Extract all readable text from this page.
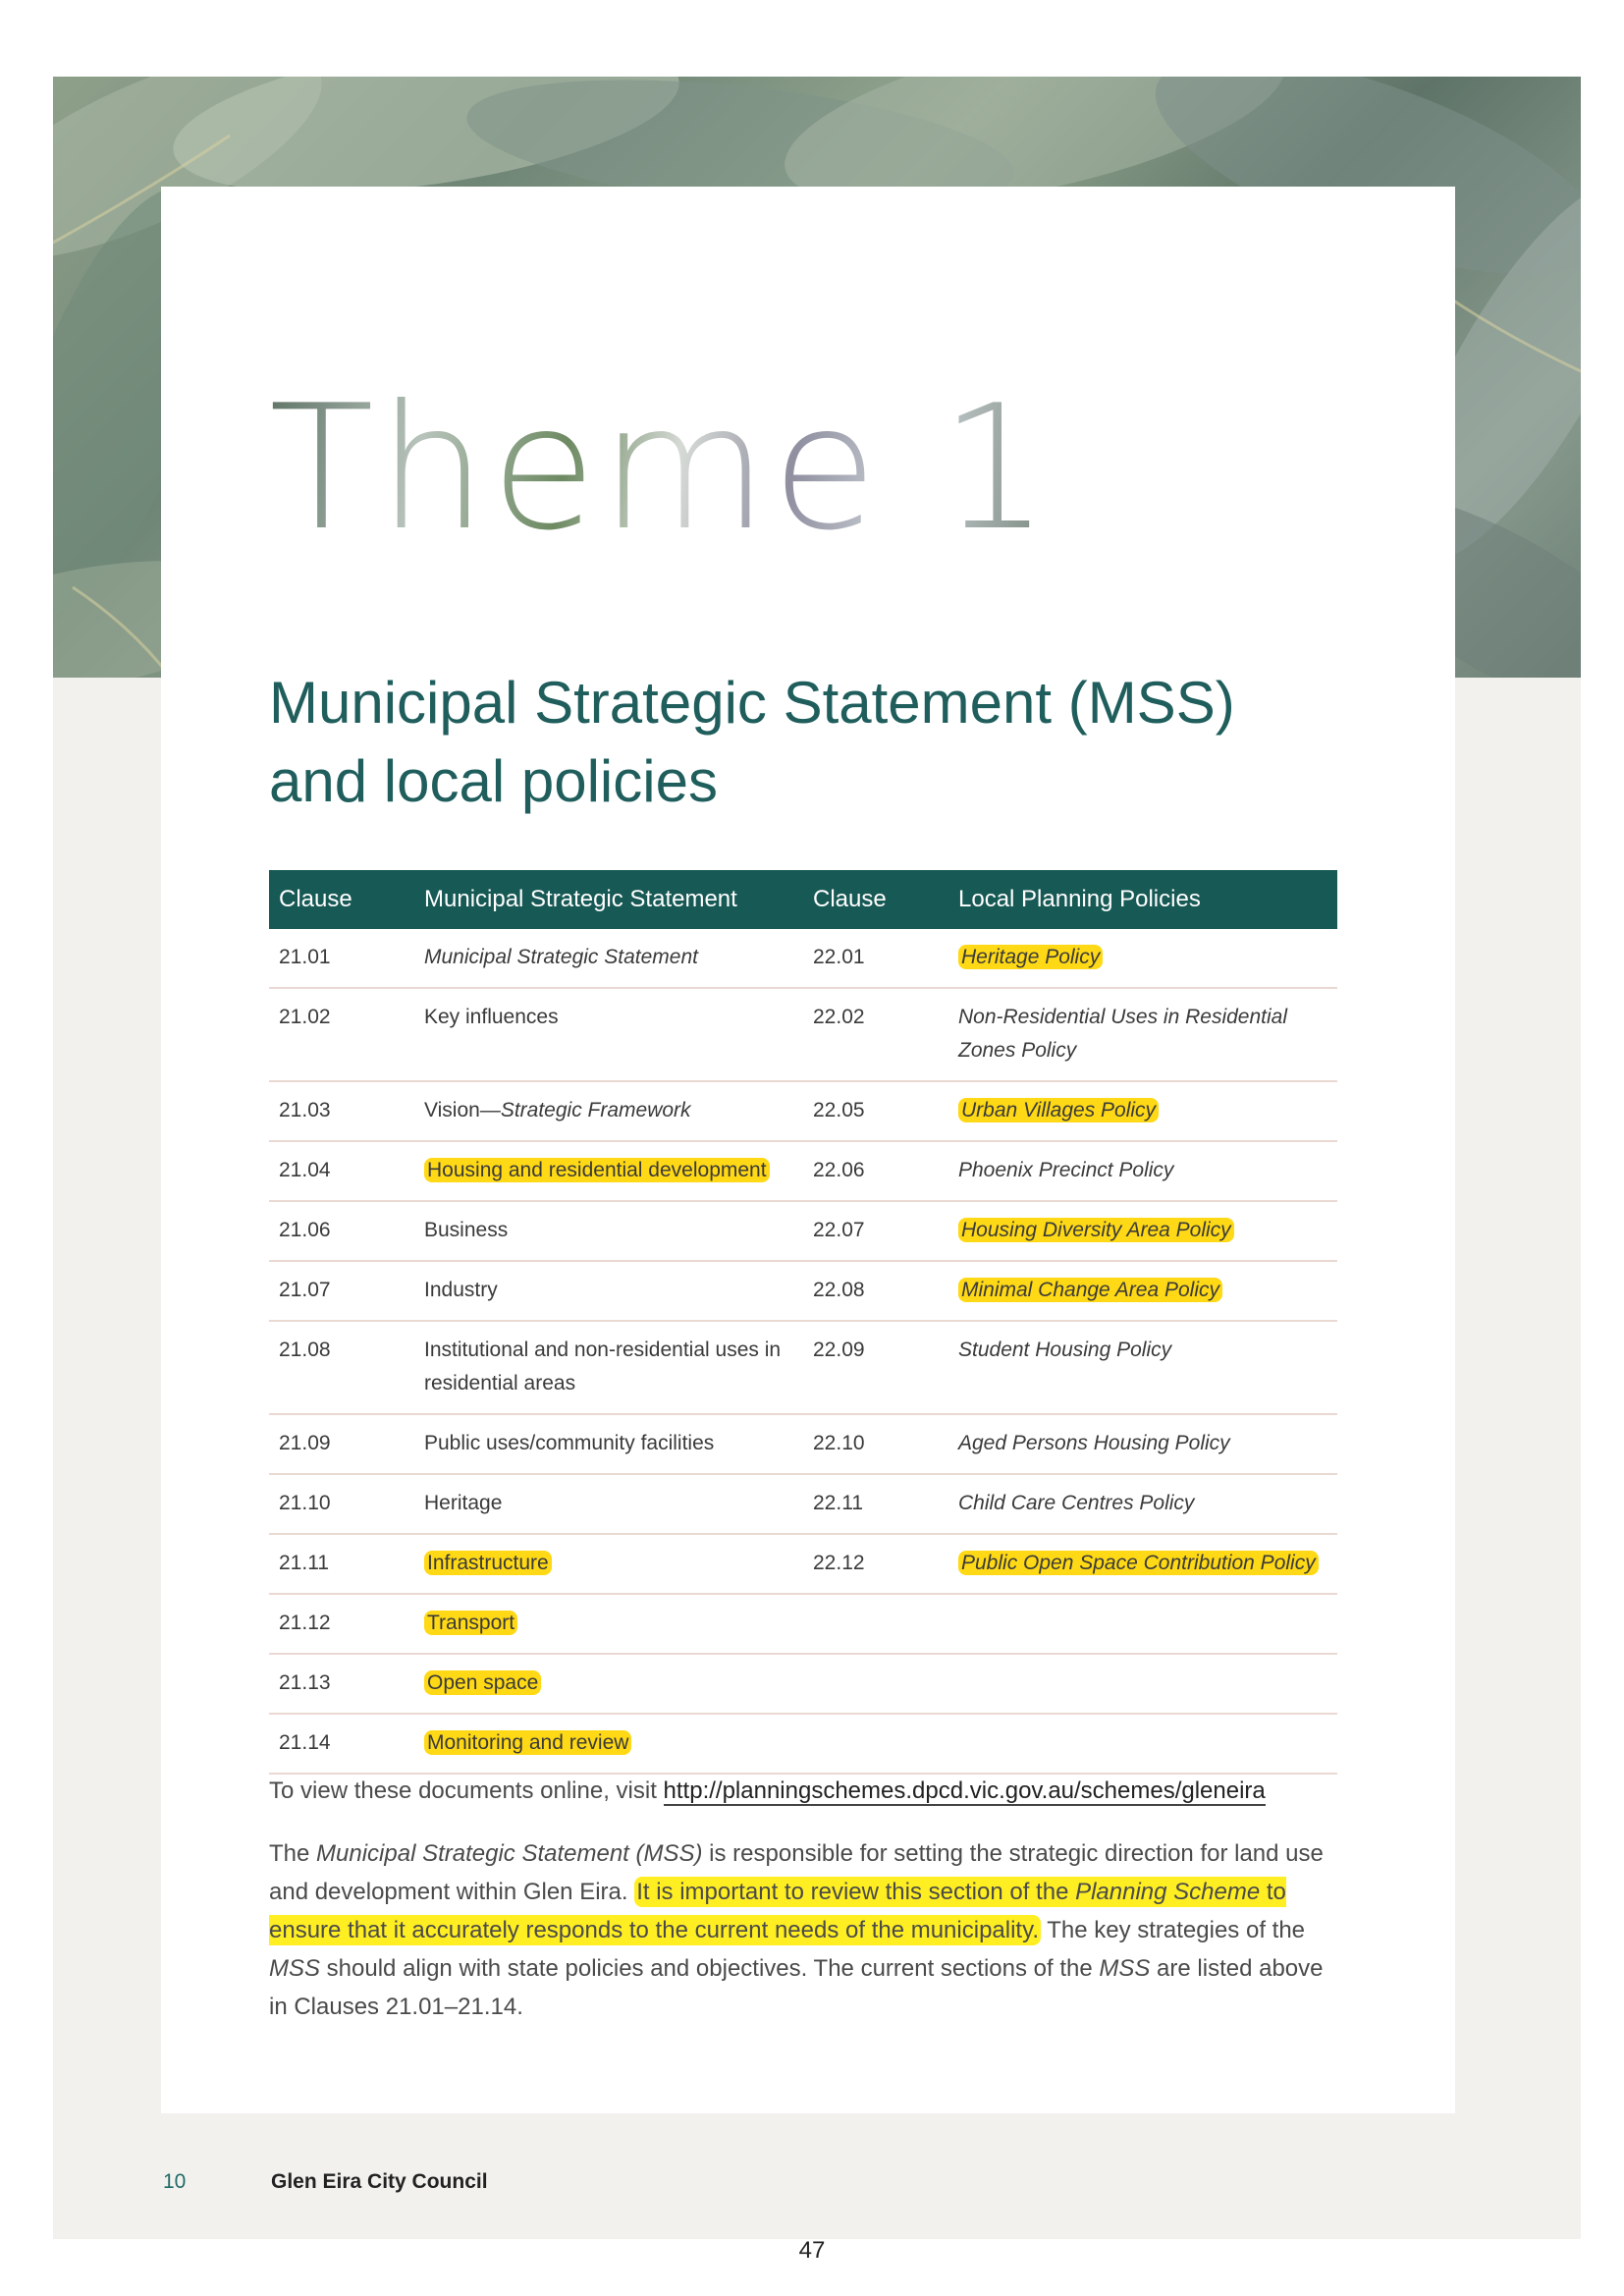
Theme 1
Municipal Strategic Statement (MSS)
and local policies
Clause	Municipal Strategic Statement	Clause	Local Planning Policies
21.01	Municipal Strategic Statement	22.01	Heritage Policy
21.02	Key influences	22.02	Non-Residential Uses in Residential Zones Policy
21.03	Vision—Strategic Framework	22.05	Urban Villages Policy
21.04	Housing and residential development	22.06	Phoenix Precinct Policy
21.06	Business	22.07	Housing Diversity Area Policy
21.07	Industry	22.08	Minimal Change Area Policy
21.08	Institutional and non-residential uses in residential areas	22.09	Student Housing Policy
21.09	Public uses/community facilities	22.10	Aged Persons Housing Policy
21.10	Heritage	22.11	Child Care Centres Policy
21.11	Infrastructure	22.12	Public Open Space Contribution Policy
21.12	Transport		
21.13	Open space		
21.14	Monitoring and review		

To view these documents online, visit http://planningschemes.dpcd.vic.gov.au/schemes/gleneira

The Municipal Strategic Statement (MSS) is responsible for setting the strategic direction for land use and development within Glen Eira. It is important to review this section of the Planning Scheme to ensure that it accurately responds to the current needs of the municipality. The key strategies of the MSS should align with state policies and objectives. The current sections of the MSS are listed above in Clauses 21.01–21.14.

10	Glen Eira City Council
47
